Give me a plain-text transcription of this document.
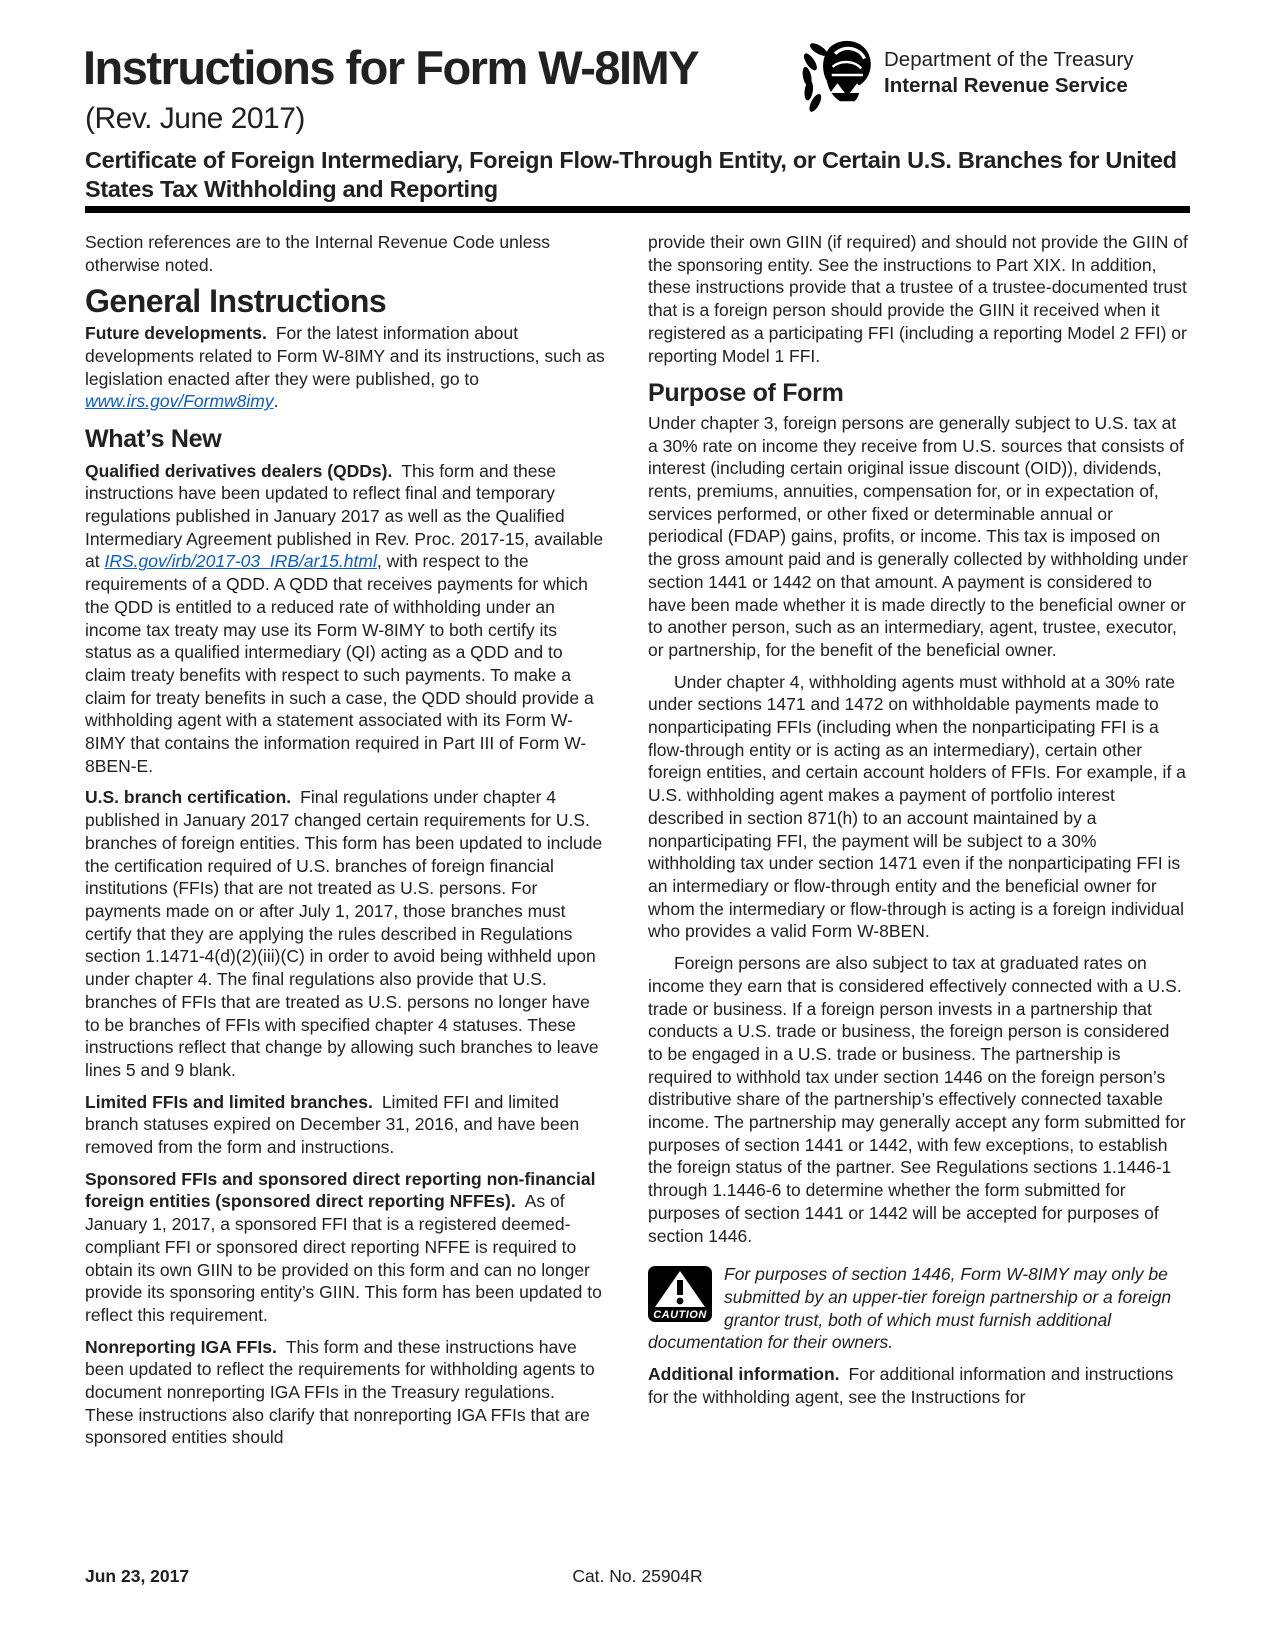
Instructions for Form W-8IMY	Department of the Treasury
Internal Revenue Service
(Rev. June 2017)
Certificate of Foreign Intermediary, Foreign Flow-Through Entity, or Certain U.S. Branches for United States Tax Withholding and Reporting

Section references are to the Internal Revenue Code unless otherwise noted.

General Instructions

Future developments. For the latest information about developments related to Form W-8IMY and its instructions, such as legislation enacted after they were published, go to www.irs.gov/Formw8imy.

What’s New

Qualified derivatives dealers (QDDs). This form and these instructions have been updated to reflect final and temporary regulations published in January 2017 as well as the Qualified Intermediary Agreement published in Rev. Proc. 2017-15, available at IRS.gov/irb/2017-03_IRB/ar15.html, with respect to the requirements of a QDD. A QDD that receives payments for which the QDD is entitled to a reduced rate of withholding under an income tax treaty may use its Form W-8IMY to both certify its status as a qualified intermediary (QI) acting as a QDD and to claim treaty benefits with respect to such payments. To make a claim for treaty benefits in such a case, the QDD should provide a withholding agent with a statement associated with its Form W-8IMY that contains the information required in Part III of Form W-8BEN-E.

U.S. branch certification. Final regulations under chapter 4 published in January 2017 changed certain requirements for U.S. branches of foreign entities. This form has been updated to include the certification required of U.S. branches of foreign financial institutions (FFIs) that are not treated as U.S. persons. For payments made on or after July 1, 2017, those branches must certify that they are applying the rules described in Regulations section 1.1471-4(d)(2)(iii)(C) in order to avoid being withheld upon under chapter 4. The final regulations also provide that U.S. branches of FFIs that are treated as U.S. persons no longer have to be branches of FFIs with specified chapter 4 statuses. These instructions reflect that change by allowing such branches to leave lines 5 and 9 blank.

Limited FFIs and limited branches. Limited FFI and limited branch statuses expired on December 31, 2016, and have been removed from the form and instructions.

Sponsored FFIs and sponsored direct reporting non-financial foreign entities (sponsored direct reporting NFFEs). As of January 1, 2017, a sponsored FFI that is a registered deemed-compliant FFI or sponsored direct reporting NFFE is required to obtain its own GIIN to be provided on this form and can no longer provide its sponsoring entity’s GIIN. This form has been updated to reflect this requirement.

Nonreporting IGA FFIs. This form and these instructions have been updated to reflect the requirements for withholding agents to document nonreporting IGA FFIs in the Treasury regulations. These instructions also clarify that nonreporting IGA FFIs that are sponsored entities should

provide their own GIIN (if required) and should not provide the GIIN of the sponsoring entity. See the instructions to Part XIX. In addition, these instructions provide that a trustee of a trustee-documented trust that is a foreign person should provide the GIIN it received when it registered as a participating FFI (including a reporting Model 2 FFI) or reporting Model 1 FFI.

Purpose of Form

Under chapter 3, foreign persons are generally subject to U.S. tax at a 30% rate on income they receive from U.S. sources that consists of interest (including certain original issue discount (OID)), dividends, rents, premiums, annuities, compensation for, or in expectation of, services performed, or other fixed or determinable annual or periodical (FDAP) gains, profits, or income. This tax is imposed on the gross amount paid and is generally collected by withholding under section 1441 or 1442 on that amount. A payment is considered to have been made whether it is made directly to the beneficial owner or to another person, such as an intermediary, agent, trustee, executor, or partnership, for the benefit of the beneficial owner.

Under chapter 4, withholding agents must withhold at a 30% rate under sections 1471 and 1472 on withholdable payments made to nonparticipating FFIs (including when the nonparticipating FFI is a flow-through entity or is acting as an intermediary), certain other foreign entities, and certain account holders of FFIs. For example, if a U.S. withholding agent makes a payment of portfolio interest described in section 871(h) to an account maintained by a nonparticipating FFI, the payment will be subject to a 30% withholding tax under section 1471 even if the nonparticipating FFI is an intermediary or flow-through entity and the beneficial owner for whom the intermediary or flow-through is acting is a foreign individual who provides a valid Form W-8BEN.

Foreign persons are also subject to tax at graduated rates on income they earn that is considered effectively connected with a U.S. trade or business. If a foreign person invests in a partnership that conducts a U.S. trade or business, the foreign person is considered to be engaged in a U.S. trade or business. The partnership is required to withhold tax under section 1446 on the foreign person’s distributive share of the partnership’s effectively connected taxable income. The partnership may generally accept any form submitted for purposes of section 1441 or 1442, with few exceptions, to establish the foreign status of the partner. See Regulations sections 1.1446-1 through 1.1446-6 to determine whether the form submitted for purposes of section 1441 or 1442 will be accepted for purposes of section 1446.

CAUTION
For purposes of section 1446, Form W-8IMY may only be submitted by an upper-tier foreign partnership or a foreign grantor trust, both of which must furnish additional documentation for their owners.

Additional information. For additional information and instructions for the withholding agent, see the Instructions for

Jun 23, 2017	Cat. No. 25904R
